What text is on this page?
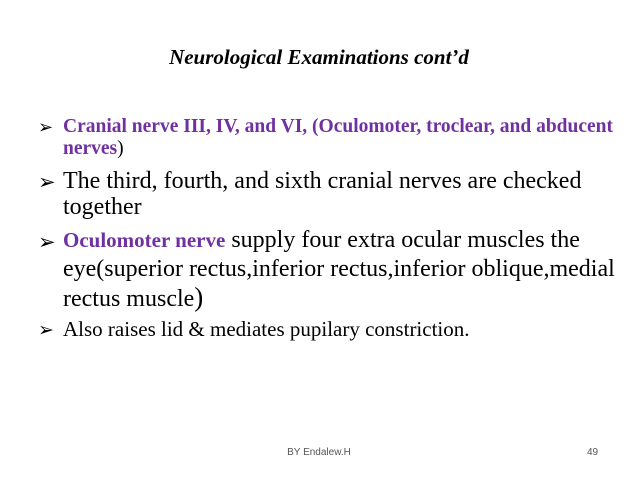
Neurological Examinations cont’d
➢ Cranial nerve III, IV, and VI, (Oculomoter, troclear, and abducent nerves)
➢ The third, fourth, and sixth cranial nerves are checked together
➢ Oculomoter nerve supply four extra ocular muscles the eye(superior rectus,inferior rectus,inferior oblique,medial rectus muscle)
➢ Also raises lid & mediates pupilary constriction.
BY Endalew.H	49
